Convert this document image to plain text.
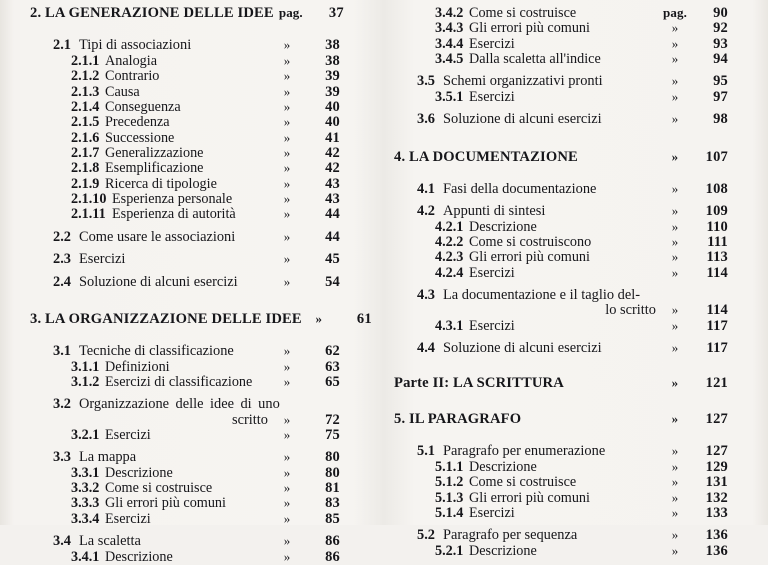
2. LA GENERAZIONE DELLE IDEE pag.	37
2.1 Tipi di associazioni	»	38
2.1.1 Analogia	»	38
2.1.2 Contrario	»	39
2.1.3 Causa	»	39
2.1.4 Conseguenza	»	40
2.1.5 Precedenza	»	40
2.1.6 Successione	»	41
2.1.7 Generalizzazione	»	42
2.1.8 Esemplificazione	»	42
2.1.9 Ricerca di tipologie	»	43
2.1.10 Esperienza personale	»	43
2.1.11 Esperienza di autorità	»	44
2.2 Come usare le associazioni	»	44
2.3 Esercizi	»	45
2.4 Soluzione di alcuni esercizi	»	54
3. LA ORGANIZZAZIONE DELLE IDEE	»	61
3.1 Tecniche di classificazione	»	62
3.1.1 Definizioni	»	63
3.1.2 Esercizi di classificazione	»	65
3.2 Organizzazione delle idee di uno
scritto	»	72
3.2.1 Esercizi	»	75
3.3 La mappa	»	80
3.3.1 Descrizione	»	80
3.3.2 Come si costruisce	»	81
3.3.3 Gli errori più comuni	»	83
3.3.4 Esercizi	»	85
3.4 La scaletta	»	86
3.4.1 Descrizione	»	86
3.4.2 Come si costruisce	pag.	90
3.4.3 Gli errori più comuni	»	92
3.4.4 Esercizi	»	93
3.4.5 Dalla scaletta all'indice	»	94
3.5 Schemi organizzativi pronti	»	95
3.5.1 Esercizi	»	97
3.6 Soluzione di alcuni esercizi	»	98
4. LA DOCUMENTAZIONE	»	107
4.1 Fasi della documentazione	»	108
4.2 Appunti di sintesi	»	109
4.2.1 Descrizione	»	110
4.2.2 Come si costruiscono	»	111
4.2.3 Gli errori più comuni	»	113
4.2.4 Esercizi	»	114
4.3 La documentazione e il taglio del-
lo scritto	»	114
4.3.1 Esercizi	»	117
4.4 Soluzione di alcuni esercizi	»	117
Parte II: LA SCRITTURA	»	121
5. IL PARAGRAFO	»	127
5.1 Paragrafo per enumerazione	»	127
5.1.1 Descrizione	»	129
5.1.2 Come si costruisce	»	131
5.1.3 Gli errori più comuni	»	132
5.1.4 Esercizi	»	133
5.2 Paragrafo per sequenza	»	136
5.2.1 Descrizione	»	136
